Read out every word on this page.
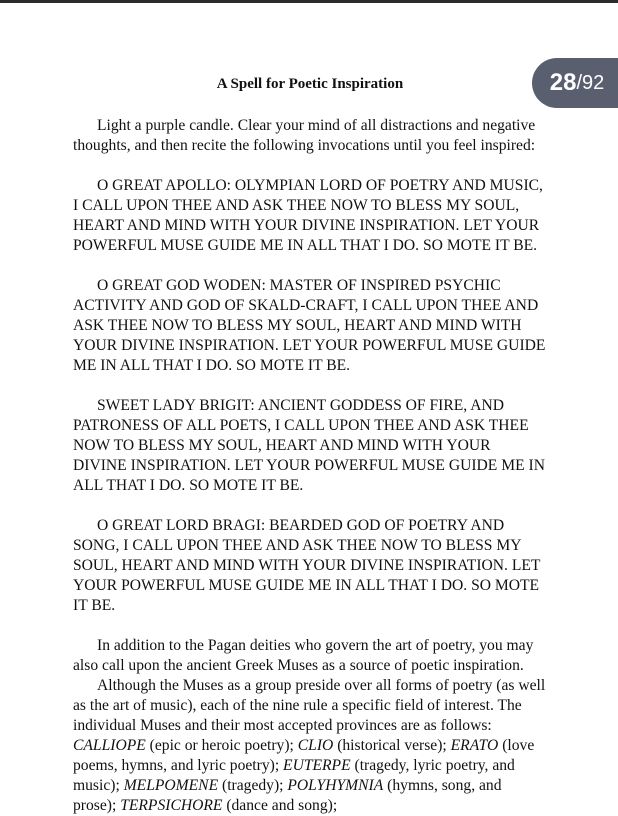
28 / 92
A Spell for Poetic Inspiration

Light a purple candle. Clear your mind of all distractions and negative thoughts, and then recite the following invocations until you feel inspired:

O GREAT APOLLO: OLYMPIAN LORD OF POETRY AND MUSIC, I CALL UPON THEE AND ASK THEE NOW TO BLESS MY SOUL, HEART AND MIND WITH YOUR DIVINE INSPIRATION. LET YOUR POWERFUL MUSE GUIDE ME IN ALL THAT I DO. SO MOTE IT BE.

O GREAT GOD WODEN: MASTER OF INSPIRED PSYCHIC ACTIVITY AND GOD OF SKALD-CRAFT, I CALL UPON THEE AND ASK THEE NOW TO BLESS MY SOUL, HEART AND MIND WITH YOUR DIVINE INSPIRATION. LET YOUR POWERFUL MUSE GUIDE ME IN ALL THAT I DO. SO MOTE IT BE.

SWEET LADY BRIGIT: ANCIENT GODDESS OF FIRE, AND PATRONESS OF ALL POETS, I CALL UPON THEE AND ASK THEE NOW TO BLESS MY SOUL, HEART AND MIND WITH YOUR DIVINE INSPIRATION. LET YOUR POWERFUL MUSE GUIDE ME IN ALL THAT I DO. SO MOTE IT BE.

O GREAT LORD BRAGI: BEARDED GOD OF POETRY AND SONG, I CALL UPON THEE AND ASK THEE NOW TO BLESS MY SOUL, HEART AND MIND WITH YOUR DIVINE INSPIRATION. LET YOUR POWERFUL MUSE GUIDE ME IN ALL THAT I DO. SO MOTE IT BE.

In addition to the Pagan deities who govern the art of poetry, you may also call upon the ancient Greek Muses as a source of poetic inspiration.

Although the Muses as a group preside over all forms of poetry (as well as the art of music), each of the nine rule a specific field of interest. The individual Muses and their most accepted provinces are as follows: CALLIOPE (epic or heroic poetry); CLIO (historical verse); ERATO (love poems, hymns, and lyric poetry); EUTERPE (tragedy, lyric poetry, and music); MELPOMENE (tragedy); POLYHYMNIA (hymns, song, and prose); TERPSICHORE (dance and song);
